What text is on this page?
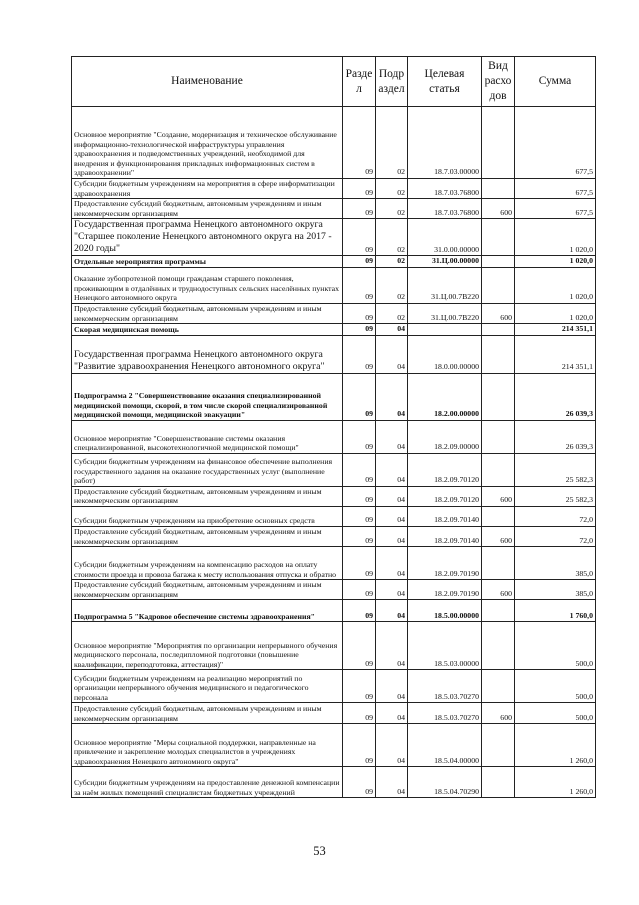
Наименование	Разде л	Подр аздел	Целевая статья	Вид расхо дов	Сумма
Основное мероприятие "Создание, модернизация и техническое обслуживание информационно-технологической инфраструктуры управления здравоохранения и подведомственных учреждений, необходимой для внедрения и функционирования прикладных информационных систем в здравоохранении"	09	02	18.7.03.00000		677,5
Субсидии бюджетным учреждениям на мероприятия в сфере информатизации здравоохранения	09	02	18.7.03.76800		677,5
Предоставление субсидий бюджетным, автономным учреждениям и иным некоммерческим организациям	09	02	18.7.03.76800	600	677,5
Государственная программа Ненецкого автономного округа "Старшее поколение Ненецкого автономного округа на 2017 - 2020 годы"	09	02	31.0.00.00000		1 020,0
Отдельные мероприятия программы	09	02	31.Ц.00.00000		1 020,0
Оказание зубопротезной помощи гражданам старшего поколения, проживающим в отдалённых и труднодоступных сельских населённых пунктах Ненецкого автономного округа	09	02	31.Ц.00.7В220		1 020,0
Предоставление субсидий бюджетным, автономным учреждениям и иным некоммерческим организациям	09	02	31.Ц.00.7В220	600	1 020,0
Скорая медицинская помощь	09	04			214 351,1
Государственная программа Ненецкого автономного округа "Развитие здравоохранения Ненецкого автономного округа"	09	04	18.0.00.00000		214 351,1
Подпрограмма 2 "Совершенствование оказания специализированной медицинской помощи, скорой, в том числе скорой специализированной медицинской помощи, медицинской эвакуации"	09	04	18.2.00.00000		26 039,3
Основное мероприятие "Совершенствование системы оказания специализированной, высокотехнологичной медицинской помощи"	09	04	18.2.09.00000		26 039,3
Субсидии бюджетным учреждениям на финансовое обеспечение выполнения государственного задания на оказание государственных услуг (выполнение работ)	09	04	18.2.09.70120		25 582,3
Предоставление субсидий бюджетным, автономным учреждениям и иным некоммерческим организациям	09	04	18.2.09.70120	600	25 582,3
Субсидии бюджетным учреждениям на приобретение основных средств	09	04	18.2.09.70140		72,0
Предоставление субсидий бюджетным, автономным учреждениям и иным некоммерческим организациям	09	04	18.2.09.70140	600	72,0
Субсидии бюджетным учреждениям на компенсацию расходов на оплату стоимости проезда и провоза багажа к месту использования отпуска и обратно	09	04	18.2.09.70190		385,0
Предоставление субсидий бюджетным, автономным учреждениям и иным некоммерческим организациям	09	04	18.2.09.70190	600	385,0
Подпрограмма 5 "Кадровое обеспечение системы здравоохранения"	09	04	18.5.00.00000		1 760,0
Основное мероприятие "Мероприятия по организации непрерывного обучения медицинского персонала, последипломной подготовки (повышение квалификации, переподготовка, аттестация)"	09	04	18.5.03.00000		500,0
Субсидии бюджетным учреждениям на реализацию мероприятий по организации непрерывного обучения медицинского и педагогического персонала	09	04	18.5.03.70270		500,0
Предоставление субсидий бюджетным, автономным учреждениям и иным некоммерческим организациям	09	04	18.5.03.70270	600	500,0
Основное мероприятие "Меры социальной поддержки, направленные на привлечение и закрепление молодых специалистов в учреждениях здравоохранения Ненецкого автономного округа"	09	04	18.5.04.00000		1 260,0
Субсидии бюджетным учреждениям на предоставление денежной компенсации за наём жилых помещений специалистам бюджетных учреждений	09	04	18.5.04.70290		1 260,0
53
